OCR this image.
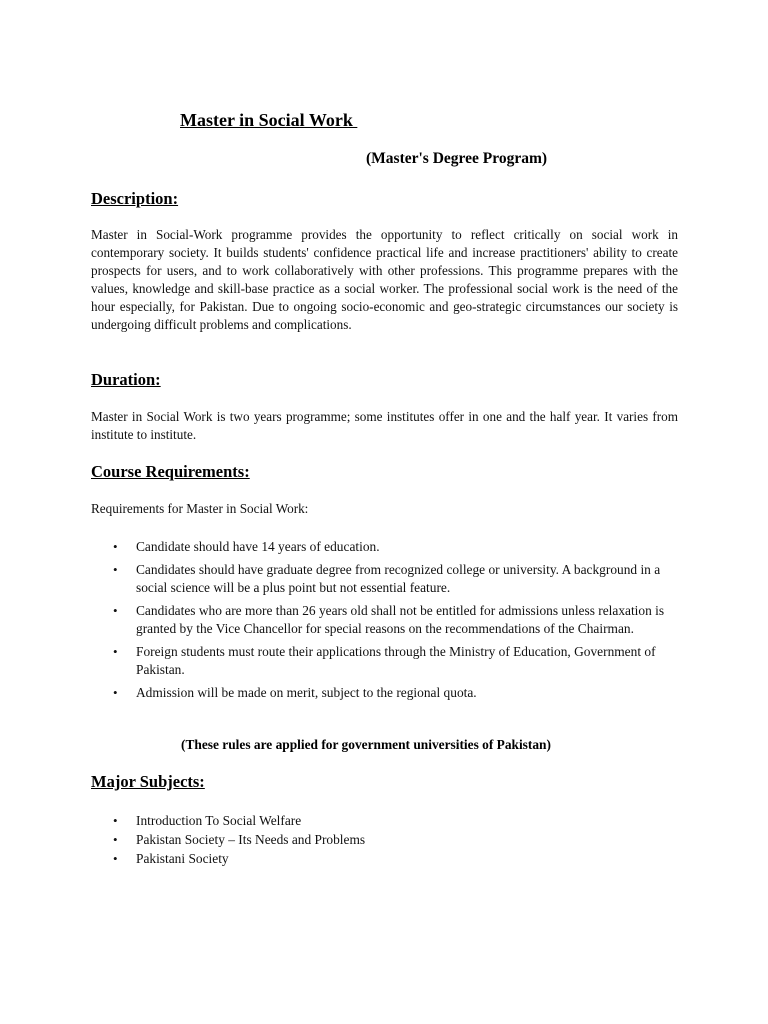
Master in Social Work
(Master's Degree Program)
Description:
Master in Social-Work programme provides the opportunity to reflect critically on social work in contemporary society. It builds students' confidence practical life and increase practitioners' ability to create prospects for users, and to work collaboratively with other professions. This programme prepares with the values, knowledge and skill-base practice as a social worker. The professional social work is the need of the hour especially, for Pakistan. Due to ongoing socio-economic and geo-strategic circumstances our society is undergoing difficult problems and complications.
Duration:
Master in Social Work is two years programme; some institutes offer in one and the half year. It varies from institute to institute.
Course Requirements:
Requirements for Master in Social Work:
• Candidate should have 14 years of education.
• Candidates should have graduate degree from recognized college or university. A background in a social science will be a plus point but not essential feature.
• Candidates who are more than 26 years old shall not be entitled for admissions unless relaxation is granted by the Vice Chancellor for special reasons on the recommendations of the Chairman.
• Foreign students must route their applications through the Ministry of Education, Government of Pakistan.
• Admission will be made on merit, subject to the regional quota.
(These rules are applied for government universities of Pakistan)
Major Subjects:
• Introduction To Social Welfare
• Pakistan Society – Its Needs and Problems
• Pakistani Society
